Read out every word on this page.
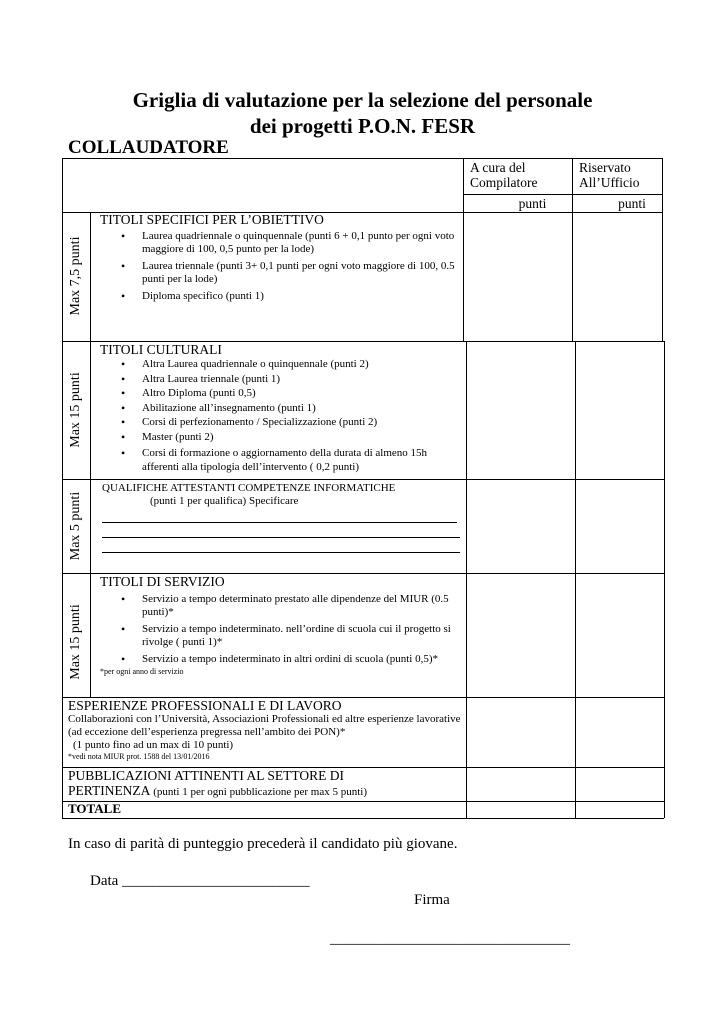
Griglia di valutazione per la selezione del personale
dei progetti P.O.N. FESR
COLLAUDATORE
A cura del Compilatore
Riservato All’Ufficio
punti	punti
Max 7,5 punti
TITOLI SPECIFICI PER L’OBIETTIVO
• Laurea quadriennale o quinquennale (punti 6 + 0,1 punto per ogni voto maggiore di 100, 0,5 punto per la lode)
• Laurea triennale (punti 3+ 0,1 punti per ogni voto maggiore di 100, 0.5 punti per la lode)
• Diploma specifico (punti 1)
Max 15 punti
TITOLI CULTURALI
• Altra Laurea quadriennale o quinquennale (punti 2)
• Altra Laurea triennale (punti 1)
• Altro Diploma (punti 0,5)
• Abilitazione all’insegnamento (punti 1)
• Corsi di perfezionamento / Specializzazione (punti 2)
• Master (punti 2)
• Corsi di formazione o aggiornamento della durata di almeno 15h afferenti alla tipologia dell’intervento ( 0,2 punti)
Max 5 punti
QUALIFICHE ATTESTANTI COMPETENZE INFORMATICHE
(punti 1 per qualifica) Specificare
Max 15 punti
TITOLI DI SERVIZIO
• Servizio a tempo determinato prestato alle dipendenze del MIUR (0.5 punti)*
• Servizio a tempo indeterminato. nell’ordine di scuola cui il progetto si rivolge ( punti 1)*
• Servizio a tempo indeterminato in altri ordini di scuola (punti 0,5)*
*per ogni anno di servizio
ESPERIENZE PROFESSIONALI E DI LAVORO
Collaborazioni con l’Università, Associazioni Professionali ed altre esperienze lavorative (ad eccezione dell’esperienza pregressa nell’ambito dei PON)*
(1 punto fino ad un max di 10 punti)
*vedi nota MIUR prot. 1588 del 13/01/2016
PUBBLICAZIONI ATTINENTI AL SETTORE DI
PERTINENZA (punti 1 per ogni pubblicazione per max 5 punti)
TOTALE
In caso di parità di punteggio precederà il candidato più giovane.
Data _________________________
Firma
________________________________
